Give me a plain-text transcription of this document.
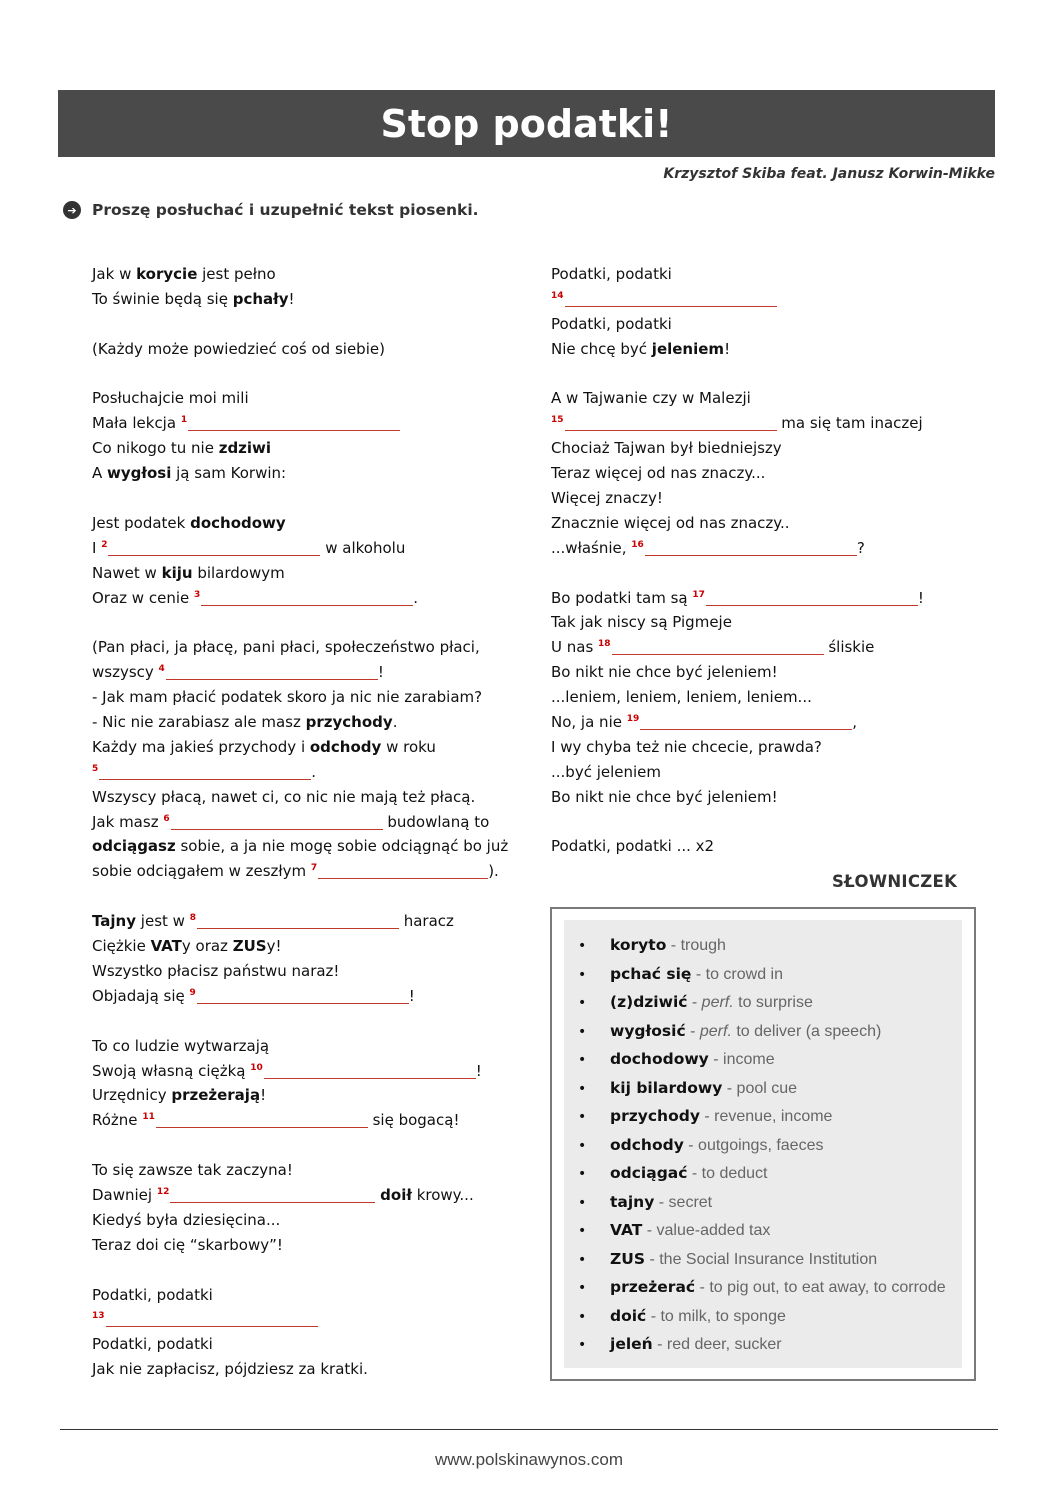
Stop podatki!
Krzysztof Skiba feat. Janusz Korwin-Mikke
➔ Proszę posłuchać i uzupełnić tekst piosenki.
Jak w korycie jest pełno
To świnie będą się pchały!
(Każdy może powiedzieć coś od siebie)
Posłuchajcie moi mili
Mała lekcja $^1$
Co nikogo tu nie zdziwi
A wygłosi ją sam Korwin:
Jest podatek dochodowy
I $^2$	w alkoholu
Nawet w kiju bilardowym
Oraz w cenie $^3$	.
(Pan płaci, ja płacę, pani płaci, społeczeństwo płaci,
wszyscy $^4$	!
- Jak mam płacić podatek skoro ja nic nie zarabiam?
- Nic nie zarabiasz ale masz przychody.
Każdy ma jakieś przychody i odchody w roku
$^5$	.
Wszyscy płacą, nawet ci, co nic nie mają też płacą.
Jak masz $^6$	budowlaną to
odciągasz sobie, a ja nie mogę sobie odciągnąć bo już
sobie odciągałem w zeszłym $^7$	).
Tajny jest w $^8$	haracz
Ciężkie VATy oraz ZUSy!
Wszystko płacisz państwu naraz!
Objadają się $^9$	!
To co ludzie wytwarzają
Swoją własną ciężką $^{10}$	!
Urzędnicy przeżerają!
Różne $^{11}$	się bogacą!
To się zawsze tak zaczyna!
Dawniej $^{12}$	doił krowy...
Kiedyś była dziesięcina...
Teraz doi cię “skarbowy”!
Podatki, podatki
$^{13}$
Podatki, podatki
Jak nie zapłacisz, pójdziesz za kratki.
Podatki, podatki
$^{14}$
Podatki, podatki
Nie chcę być jeleniem!
A w Tajwanie czy w Malezji
$^{15}$	ma się tam inaczej
Chociaż Tajwan był biedniejszy
Teraz więcej od nas znaczy...
Więcej znaczy!
Znacznie więcej od nas znaczy..
...właśnie, $^{16}$	?
Bo podatki tam są $^{17}$	!
Tak jak niscy są Pigmeje
U nas $^{18}$	śliskie
Bo nikt nie chce być jeleniem!
...leniem, leniem, leniem, leniem...
No, ja nie $^{19}$	,
I wy chyba też nie chcecie, prawda?
...być jeleniem
Bo nikt nie chce być jeleniem!
Podatki, podatki ... x2
SŁOWNICZEK
• koryto - trough
• pchać się - to crowd in
• (z)dziwić - perf. to surprise
• wygłosić - perf. to deliver (a speech)
• dochodowy - income
• kij bilardowy - pool cue
• przychody - revenue, income
• odchody - outgoings, faeces
• odciągać - to deduct
• tajny - secret
• VAT - value-added tax
• ZUS - the Social Insurance Institution
• przeżerać - to pig out, to eat away, to corrode
• doić - to milk, to sponge
• jeleń - red deer, sucker
www.polskinawynos.com
